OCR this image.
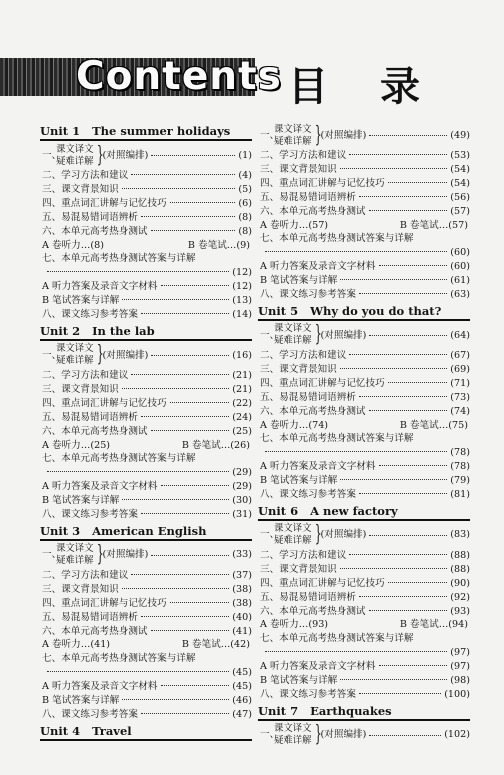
Contents 目录
Unit 1 The summer holidays
一、
课文译文
疑难详解 } (对照编排)	(1)
二、学习方法和建议	(4)
三、课文背景知识	(5)
四、重点词汇讲解与记忆技巧	(6)
五、易混易错词语辨析	(8)
六、本单元高考热身测试	(8)
A 卷听力…(8)	B 卷笔试…(9)
七、本单元高考热身测试答案与详解
(12)
A 听力答案及录音文字材料	(12)
B 笔试答案与详解	(13)
八、课文练习参考答案	(14)
Unit 2 In the lab
一、
课文译文
疑难详解 } (对照编排)	(16)
二、学习方法和建议	(21)
三、课文背景知识	(21)
四、重点词汇讲解与记忆技巧	(22)
五、易混易错词语辨析	(24)
六、本单元高考热身测试	(25)
A 卷听力…(25)	B 卷笔试…(26)
七、本单元高考热身测试答案与详解
(29)
A 听力答案及录音文字材料	(29)
B 笔试答案与详解	(30)
八、课文练习参考答案	(31)
Unit 3 American English
一、
课文译文
疑难详解 } (对照编排)	(33)
二、学习方法和建议	(37)
三、课文背景知识	(38)
四、重点词汇讲解与记忆技巧	(38)
五、易混易错词语辨析	(40)
六、本单元高考热身测试	(41)
A 卷听力…(41)	B 卷笔试…(42)
七、本单元高考热身测试答案与详解
(45)
A 听力答案及录音文字材料	(45)
B 笔试答案与详解	(46)
八、课文练习参考答案	(47)
Unit 4 Travel
一、
课文译文
疑难详解 } (对照编排)	(49)
二、学习方法和建议	(53)
三、课文背景知识	(54)
四、重点词汇讲解与记忆技巧	(54)
五、易混易错词语辨析	(56)
六、本单元高考热身测试	(57)
A 卷听力…(57)	B 卷笔试…(57)
七、本单元高考热身测试答案与详解
(60)
A 听力答案及录音文字材料	(60)
B 笔试答案与详解	(61)
八、课文练习参考答案	(63)
Unit 5 Why do you do that?
一、
课文译文
疑难详解 } (对照编排)	(64)
二、学习方法和建议	(67)
三、课文背景知识	(69)
四、重点词汇讲解与记忆技巧	(71)
五、易混易错词语辨析	(73)
六、本单元高考热身测试	(74)
A 卷听力…(74)	B 卷笔试…(75)
七、本单元高考热身测试答案与详解
(78)
A 听力答案及录音文字材料	(78)
B 笔试答案与详解	(79)
八、课文练习参考答案	(81)
Unit 6 A new factory
一、
课文译文
疑难详解 } (对照编排)	(83)
二、学习方法和建议	(88)
三、课文背景知识	(88)
四、重点词汇讲解与记忆技巧	(90)
五、易混易错词语辨析	(92)
六、本单元高考热身测试	(93)
A 卷听力…(93)	B 卷笔试…(94)
七、本单元高考热身测试答案与详解
(97)
A 听力答案及录音文字材料	(97)
B 笔试答案与详解	(98)
八、课文练习参考答案	(100)
Unit 7 Earthquakes
一、
课文译文
疑难详解 } (对照编排)	(102)
